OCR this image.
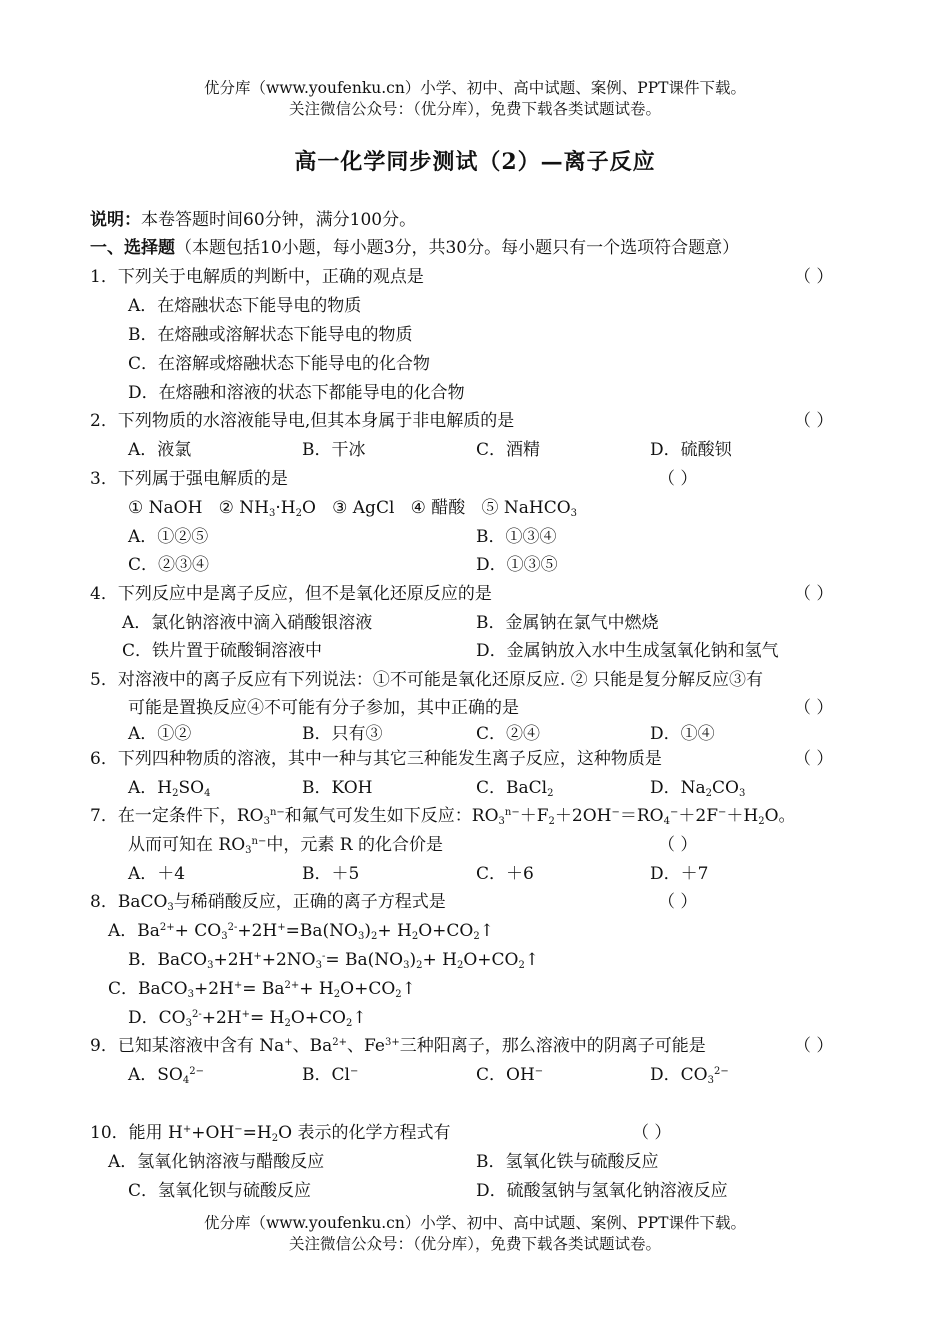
优分库（www.youfenku.cn）小学、初中、高中试题、案例、PPT课件下载。
关注微信公众号：（优分库），免费下载各类试题试卷。
高一化学同步测试（2）—离子反应
说明：本卷答题时间60分钟，满分100分。
一、选择题（本题包括10小题，每小题3分，共30分。每小题只有一个选项符合题意）
1．下列关于电解质的判断中，正确的观点是	（ ）
A．在熔融状态下能导电的物质
B．在熔融或溶解状态下能导电的物质
C．在溶解或熔融状态下能导电的化合物
D．在熔融和溶液的状态下都能导电的化合物
2．下列物质的水溶液能导电,但其本身属于非电解质的是	（ ）
A．液氯	B．干冰	C．酒精	D．硫酸钡
3．下列属于强电解质的是	（ ）
① NaOH ② $NH_3\cdot H_2O$ ③ AgCl ④ 醋酸 ⑤ NaHCO$_3$
A．①②⑤	B．①③④
C．②③④	D．①③⑤
4．下列反应中是离子反应，但不是氧化还原反应的是	（ ）
A．氯化钠溶液中滴入硝酸银溶液	B．金属钠在氯气中燃烧
C．铁片置于硫酸铜溶液中	D．金属钠放入水中生成氢氧化钠和氢气
5．对溶液中的离子反应有下列说法：①不可能是氧化还原反应. ② 只能是复分解反应③有
可能是置换反应④不可能有分子参加，其中正确的是	（ ）
A．①②	B．只有③	C．②④	D．①④
6．下列四种物质的溶液，其中一种与其它三种能发生离子反应，这种物质是	（ ）
A．$H_2SO_4$	B．KOH	C．BaCl$_2$	D．$Na_2CO_3$
7．在一定条件下，$RO_3^{n-}$和氟气可发生如下反应：$RO_3^{n-}+F_2+2OH^-=RO_4^-+2F^-+H_2O$。
从而可知在 $RO_3^{n-}$中，元素 R 的化合价是	（ ）
A．＋4	B．＋5	C．＋6	D．＋7
8．BaCO$_3$与稀硝酸反应，正确的离子方程式是	（ ）
A．$Ba^{2+}+ CO_3^{2-}+2H^+=Ba(NO_3)_2+$ $H_2O+CO_2↑$
B．$BaCO_3+2H^++2NO_3^-= Ba(NO_3)_2+$ $H_2O+CO_2↑$
C．BaCO$_3$+2H+= $Ba^{2+}+$ $H_2O+CO_2↑$
D．$CO_3^{2-}+2H^+=$ $H_2O+CO_2↑$
9．已知某溶液中含有 Na+、$Ba^{2+}$、$Fe^{3+}$三种阳离子，那么溶液中的阴离子可能是	（ ）
A．$SO_4^{2-}$	B．Cl−	C．OH−	D．$CO_3^{2-}$
10．能用 $H^++OH^-=H_2O$ 表示的化学方程式有	（ ）
A．氢氧化钠溶液与醋酸反应	B．氢氧化铁与硫酸反应
C．氢氧化钡与硫酸反应	D．硫酸氢钠与氢氧化钠溶液反应
优分库（www.youfenku.cn）小学、初中、高中试题、案例、PPT课件下载。
关注微信公众号：（优分库），免费下载各类试题试卷。
